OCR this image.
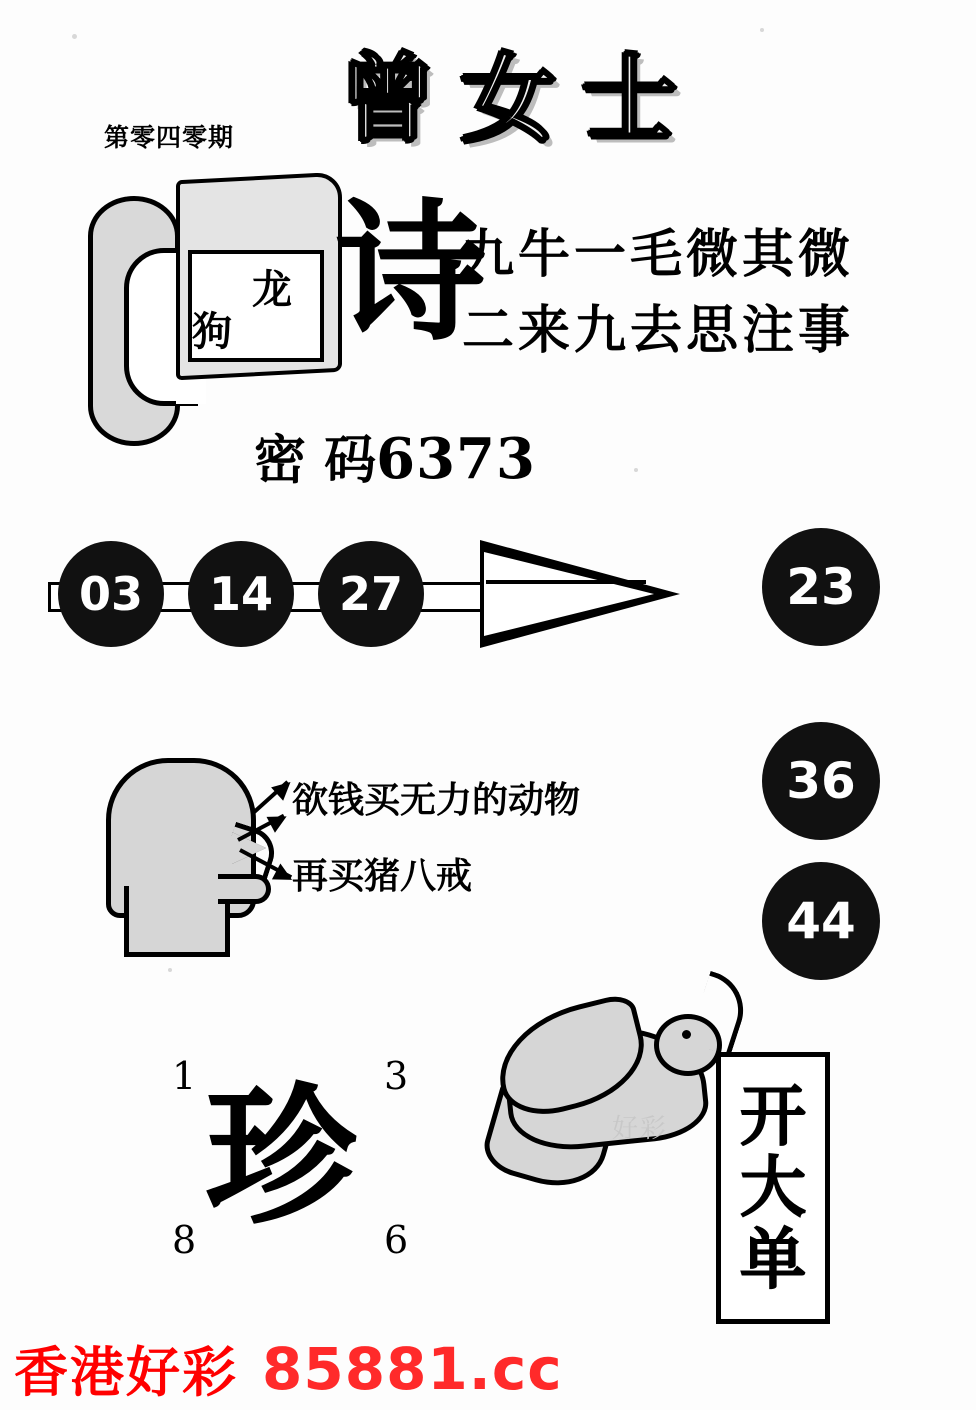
第零四零期 曾女士
龙
狗 诗
九牛一毛微其微
二来九去思注事
密 码6373
03	14	27	23
36
44
欲钱买无力的动物
再买猪八戒
1	3
8	6
珍	好彩 开
大
单
香港好彩 85881.cc
